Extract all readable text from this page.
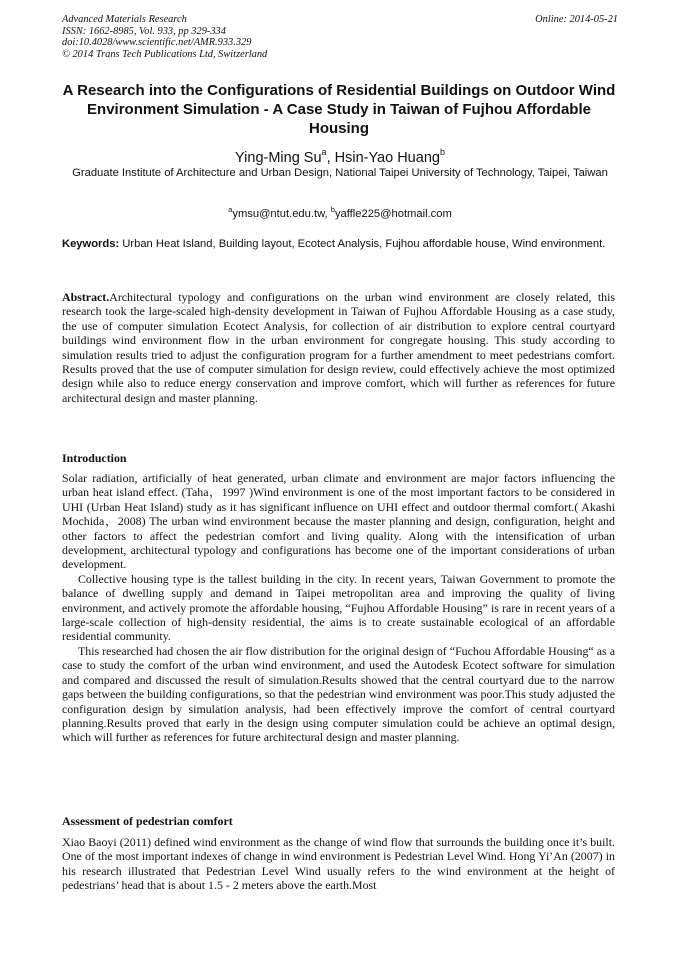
Advanced Materials Research
ISSN: 1662-8985, Vol. 933, pp 329-334
doi:10.4028/www.scientific.net/AMR.933.329
© 2014 Trans Tech Publications Ltd, Switzerland
Online: 2014-05-21
A Research into the Configurations of Residential Buildings on Outdoor Wind Environment Simulation - A Case Study in Taiwan of Fujhou Affordable Housing
Ying-Ming Su$^a$, Hsin-Yao Huang$^b$
Graduate Institute of Architecture and Urban Design, National Taipei University of Technology, Taipei, Taiwan
$^a$ymsu@ntut.edu.tw, $^b$yaffle225@hotmail.com
Keywords: Urban Heat Island, Building layout, Ecotect Analysis, Fujhou affordable house, Wind environment.
Abstract.Architectural typology and configurations on the urban wind environment are closely related, this research took the large-scaled high-density development in Taiwan of Fujhou Affordable Housing as a case study, the use of computer simulation Ecotect Analysis, for collection of air distribution to explore central courtyard buildings wind environment flow in the urban environment for congregate housing. This study according to simulation results tried to adjust the configuration program for a further amendment to meet pedestrians comfort. Results proved that the use of computer simulation for design review, could effectively achieve the most optimized design while also to reduce energy conservation and improve comfort, which will further as references for future architectural design and master planning.
Introduction

Solar radiation, artificially of heat generated, urban climate and environment are major factors influencing the urban heat island effect. (Taha，1997 )Wind environment is one of the most important factors to be considered in UHI (Urban Heat Island) study as it has significant influence on UHI effect and outdoor thermal comfort.( Akashi Mochida，2008) The urban wind environment because the master planning and design, configuration, height and other factors to affect the pedestrian comfort and living quality. Along with the intensification of urban development, architectural typology and configurations has become one of the important considerations of urban development.

Collective housing type is the tallest building in the city. In recent years, Taiwan Government to promote the balance of dwelling supply and demand in Taipei metropolitan area and improving the quality of living environment, and actively promote the affordable housing, “Fujhou Affordable Housing” is rare in recent years of a large-scale collection of high-density residential, the aims is to create sustainable ecological of an affordable residential community.

This researched had chosen the air flow distribution for the original design of “Fuchou Affordable Housing“ as a case to study the comfort of the urban wind environment, and used the Autodesk Ecotect software for simulation and compared and discussed the result of simulation.Results showed that the central courtyard due to the narrow gaps between the building configurations, so that the pedestrian wind environment was poor.This study adjusted the configuration design by simulation analysis, had been effectively improve the comfort of central courtyard planning.Results proved that early in the design using computer simulation could be achieve an optimal design, which will further as references for future architectural design and master planning.

Assessment of pedestrian comfort

Xiao Baoyi (2011) defined wind environment as the change of wind flow that surrounds the building once it’s built. One of the most important indexes of change in wind environment is Pedestrian Level Wind. Hong Yi’An (2007) in his research illustrated that Pedestrian Level Wind usually refers to the wind environment at the height of pedestrians’ head that is about 1.5 - 2 meters above the earth.Most
